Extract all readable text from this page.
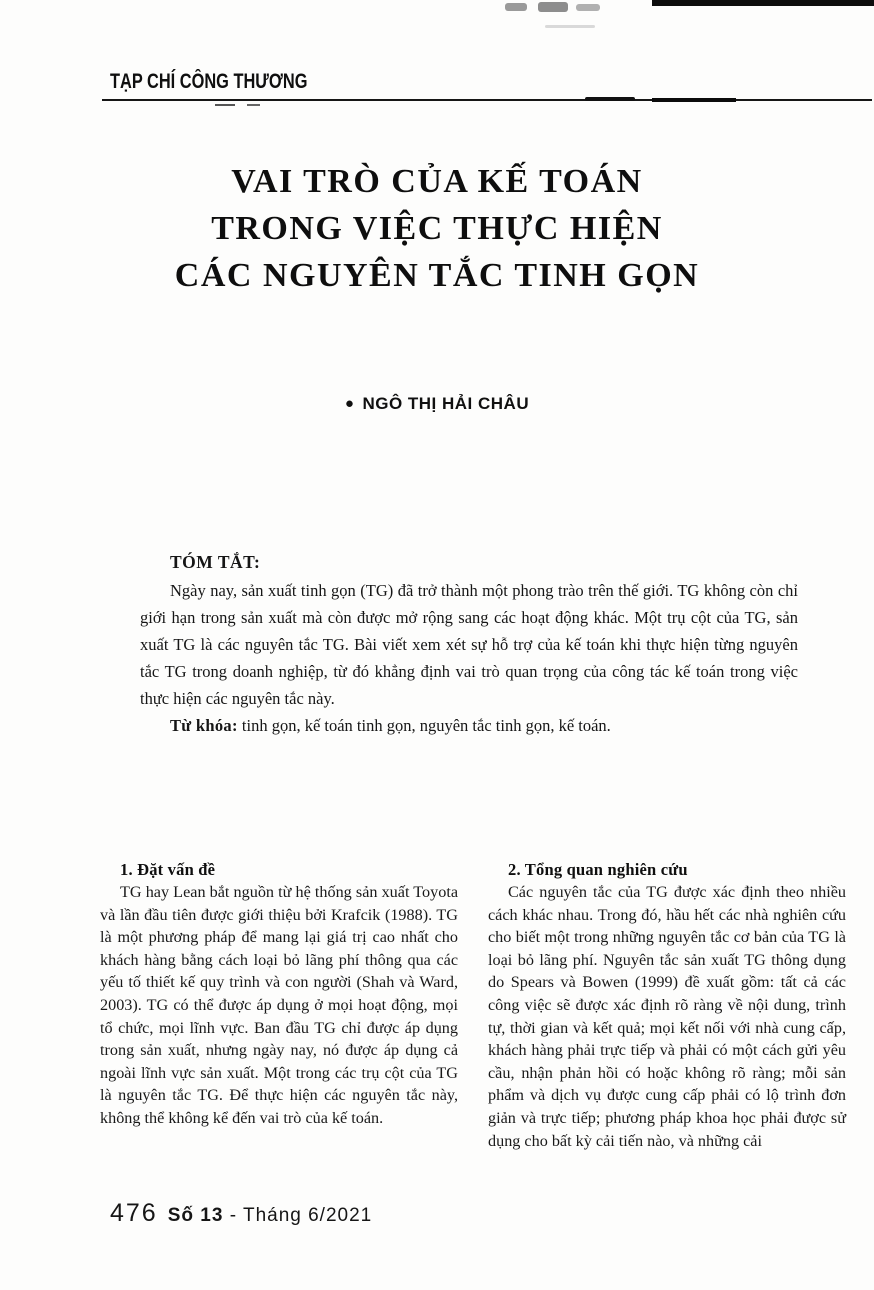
TẠP CHÍ CÔNG THƯƠNG
VAI TRÒ CỦA KẾ TOÁN
TRONG VIỆC THỰC HIỆN
CÁC NGUYÊN TẮC TINH GỌN
● NGÔ THỊ HẢI CHÂU
TÓM TẮT:

Ngày nay, sản xuất tinh gọn (TG) đã trở thành một phong trào trên thế giới. TG không còn chỉ giới hạn trong sản xuất mà còn được mở rộng sang các hoạt động khác. Một trụ cột của TG, sản xuất TG là các nguyên tắc TG. Bài viết xem xét sự hỗ trợ của kế toán khi thực hiện từng nguyên tắc TG trong doanh nghiệp, từ đó khẳng định vai trò quan trọng của công tác kế toán trong việc thực hiện các nguyên tắc này.

Từ khóa: tinh gọn, kế toán tinh gọn, nguyên tắc tinh gọn, kế toán.

1. Đặt vấn đề

TG hay Lean bắt nguồn từ hệ thống sản xuất Toyota và lần đầu tiên được giới thiệu bởi Krafcik (1988). TG là một phương pháp để mang lại giá trị cao nhất cho khách hàng bằng cách loại bỏ lãng phí thông qua các yếu tố thiết kế quy trình và con người (Shah và Ward, 2003). TG có thể được áp dụng ở mọi hoạt động, mọi tổ chức, mọi lĩnh vực. Ban đầu TG chỉ được áp dụng trong sản xuất, nhưng ngày nay, nó được áp dụng cả ngoài lĩnh vực sản xuất. Một trong các trụ cột của TG là nguyên tắc TG. Để thực hiện các nguyên tắc này, không thể không kể đến vai trò của kế toán.

2. Tổng quan nghiên cứu

Các nguyên tắc của TG được xác định theo nhiều cách khác nhau. Trong đó, hầu hết các nhà nghiên cứu cho biết một trong những nguyên tắc cơ bản của TG là loại bỏ lãng phí. Nguyên tắc sản xuất TG thông dụng do Spears và Bowen (1999) đề xuất gồm: tất cả các công việc sẽ được xác định rõ ràng về nội dung, trình tự, thời gian và kết quả; mọi kết nối với nhà cung cấp, khách hàng phải trực tiếp và phải có một cách gửi yêu cầu, nhận phản hồi có hoặc không rõ ràng; mỗi sản phẩm và dịch vụ được cung cấp phải có lộ trình đơn giản và trực tiếp; phương pháp khoa học phải được sử dụng cho bất kỳ cải tiến nào, và những cải

476 Số 13 - Tháng 6/2021
